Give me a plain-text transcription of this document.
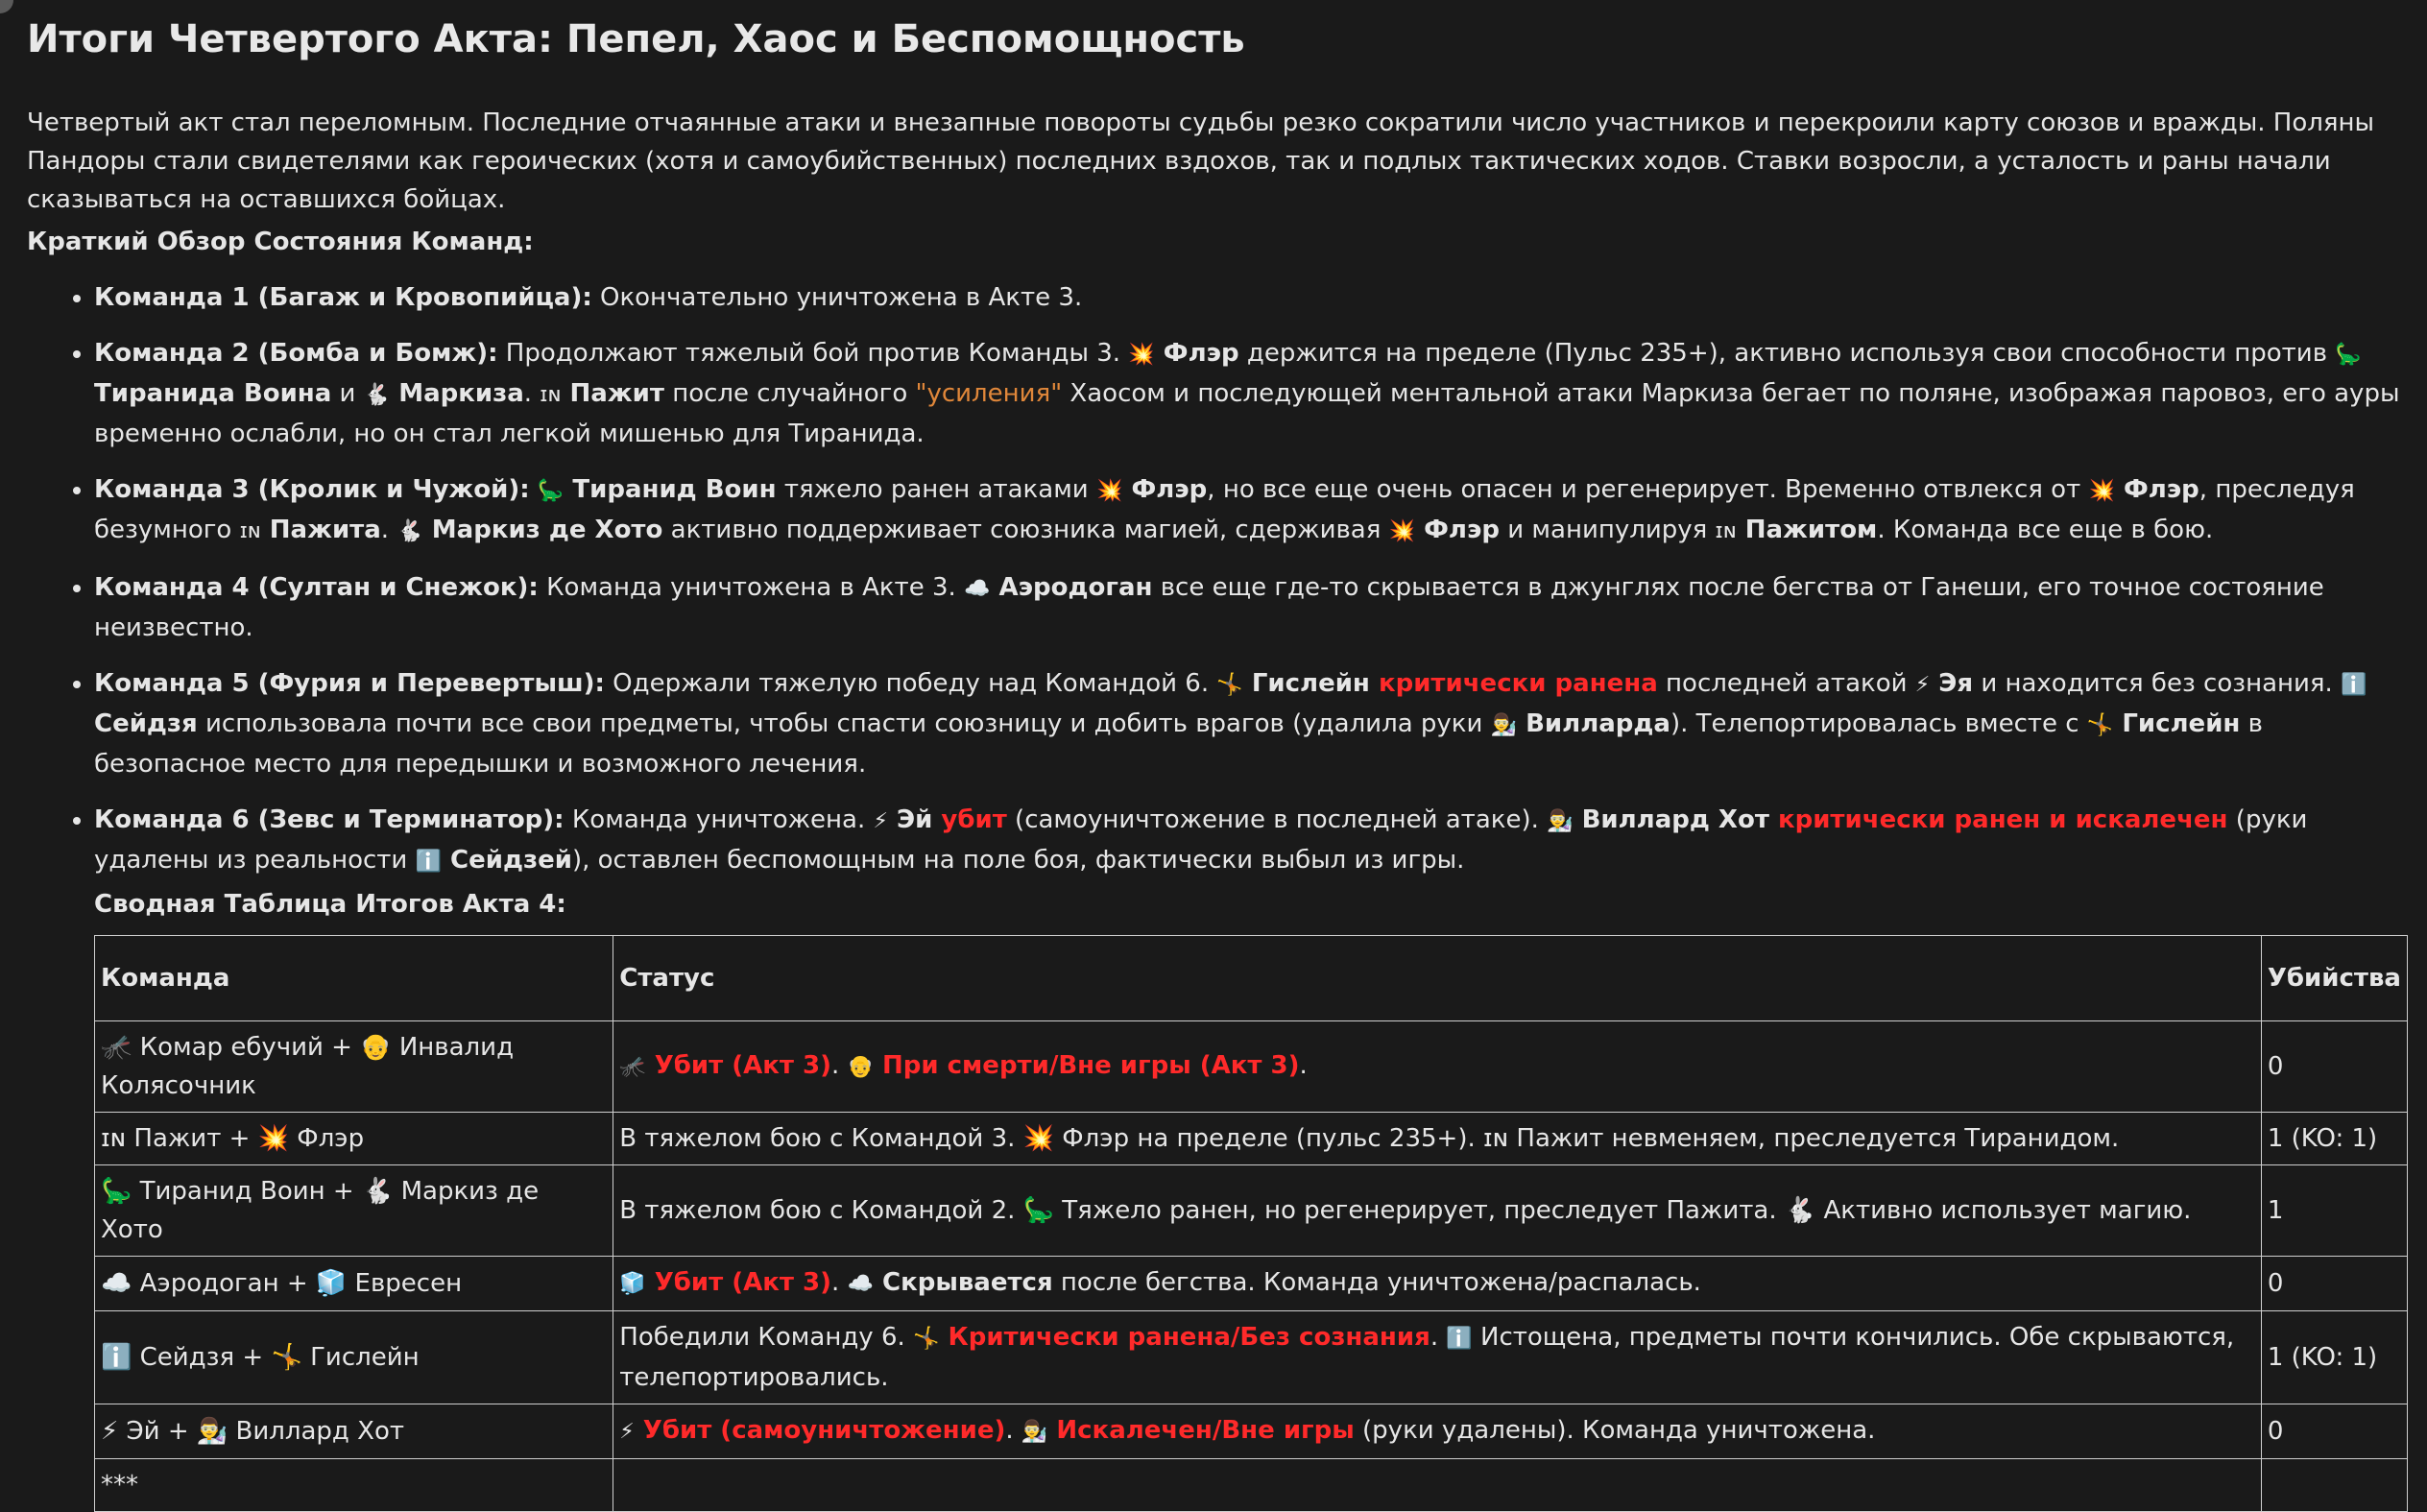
Итоги Четвертого Акта: Пепел, Хаос и Беспомощность

Четвертый акт стал переломным. Последние отчаянные атаки и внезапные повороты судьбы резко сократили число участников и перекроили карту союзов и вражды. Поляны Пандоры стали свидетелями как героических (хотя и самоубийственных) последних вздохов, так и подлых тактических ходов. Ставки возросли, а усталость и раны начали сказываться на оставшихся бойцах.

Краткий Обзор Состояния Команд:
• Команда 1 (Багаж и Кровопийца): Окончательно уничтожена в Акте 3.
• Команда 2 (Бомба и Бомж): Продолжают тяжелый бой против Команды 3. 💥 Флэр держится на пределе (Пульс 235+), активно используя свои способности против 🦕 Тиранида Воина и 🐇 Маркиза. ɪɴ Пажит после случайного "усиления" Хаосом и последующей ментальной атаки Маркиза бегает по поляне, изображая паровоз, его ауры временно ослабли, но он стал легкой мишенью для Тиранида.
• Команда 3 (Кролик и Чужой): 🦕 Тиранид Воин тяжело ранен атаками 💥 Флэр, но все еще очень опасен и регенерирует. Временно отвлекся от 💥 Флэр, преследуя безумного ɪɴ Пажита. 🐇 Маркиз де Хото активно поддерживает союзника магией, сдерживая 💥 Флэр и манипулируя ɪɴ Пажитом. Команда все еще в бою.
• Команда 4 (Султан и Снежок): Команда уничтожена в Акте 3. ☁️ Аэродоган все еще где-то скрывается в джунглях после бегства от Ганеши, его точное состояние неизвестно.
• Команда 5 (Фурия и Перевертыш): Одержали тяжелую победу над Командой 6. 🤸 Гислейн критически ранена последней атакой ⚡ Эя и находится без сознания. ℹ️ Сейдзя использовала почти все свои предметы, чтобы спасти союзницу и добить врагов (удалила руки 👨‍🔬 Вилларда). Телепортировалась вместе с 🤸 Гислейн в безопасное место для передышки и возможного лечения.
• Команда 6 (Зевс и Терминатор): Команда уничтожена. ⚡ Эй убит (самоуничтожение в последней атаке). 👨‍🔬 Виллард Хот критически ранен и искалечен (руки удалены из реальности ℹ️ Сейдзей), оставлен беспомощным на поле боя, фактически выбыл из игры.
Сводная Таблица Итогов Акта 4:
Команда	Статус	Убийства
🦟 Комар ебучий + 👴 Инвалид Колясочник	🦟 Убит (Акт 3). 👴 При смерти/Вне игры (Акт 3).	0
ɪɴ Пажит + 💥 Флэр	В тяжелом бою с Командой 3. 💥 Флэр на пределе (пульс 235+). ɪɴ Пажит невменяем, преследуется Тиранидом.	1 (KO: 1)
🦕 Тиранид Воин + 🐇 Маркиз де Хото	В тяжелом бою с Командой 2. 🦕 Тяжело ранен, но регенерирует, преследует Пажита. 🐇 Активно использует магию.	1
☁️ Аэродоган + 🧊 Евресен	🧊 Убит (Акт 3). ☁️ Скрывается после бегства. Команда уничтожена/распалась.	0
ℹ️ Сейдзя + 🤸 Гислейн	Победили Команду 6. 🤸 Критически ранена/Без сознания. ℹ️ Истощена, предметы почти кончились. Обе скрываются, телепортировались.	1 (KO: 1)
⚡ Эй + 👨‍🔬 Виллард Хот	⚡ Убит (самоуничтожение). 👨‍🔬 Искалечен/Вне игры (руки удалены). Команда уничтожена.	0
***		
